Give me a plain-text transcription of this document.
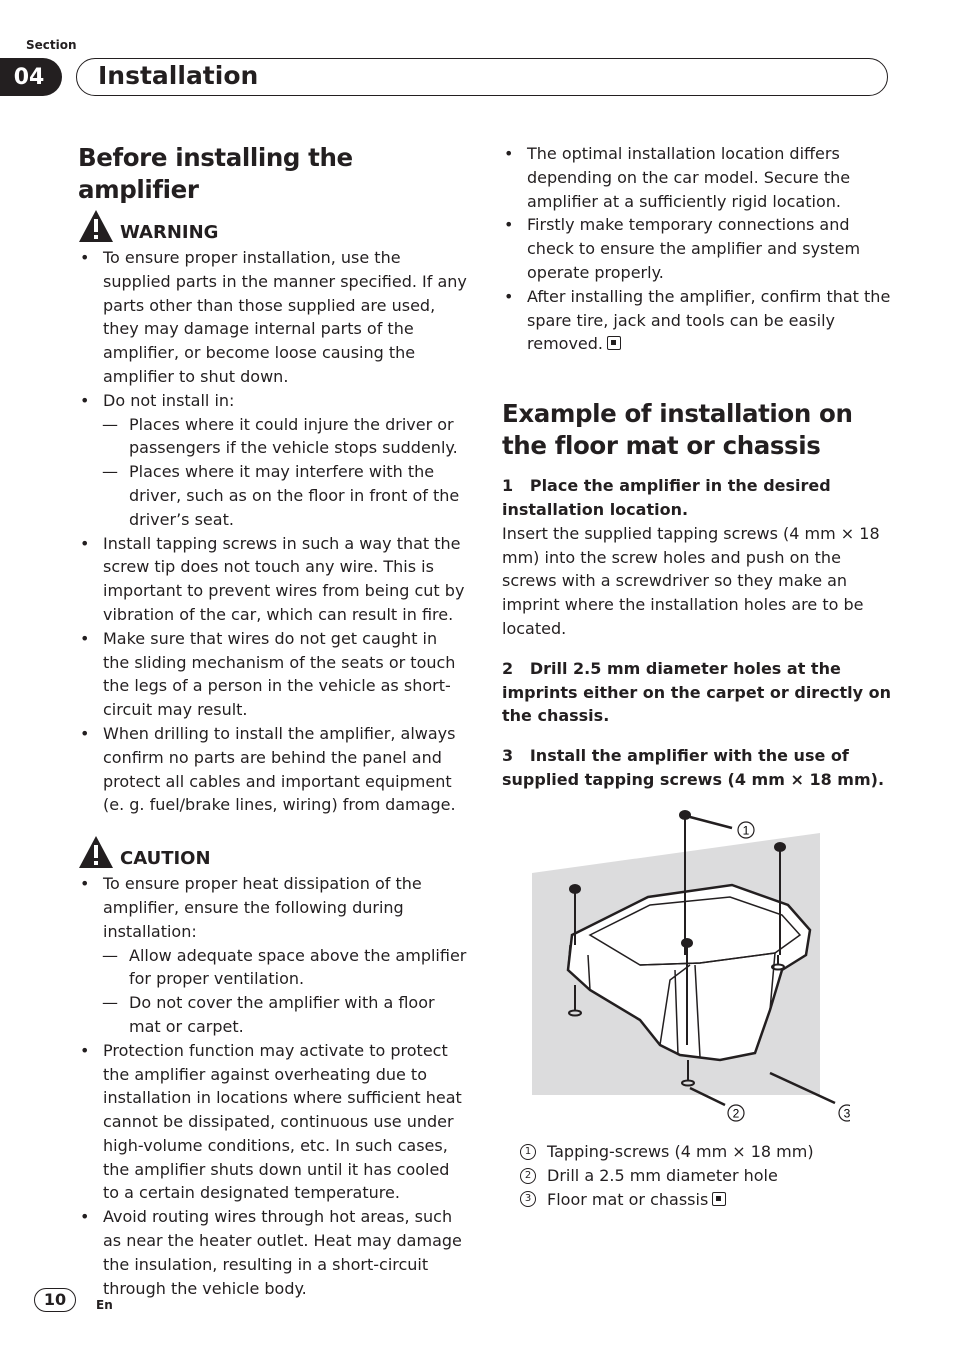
Section
04	Installation
Before installing the amplifier
WARNING
• To ensure proper installation, use the supplied parts in the manner specified. If any parts other than those supplied are used, they may damage internal parts of the amplifier, or become loose causing the amplifier to shut down.
• Do not install in:
— Places where it could injure the driver or passengers if the vehicle stops suddenly.
— Places where it may interfere with the driver, such as on the floor in front of the driver’s seat.
• Install tapping screws in such a way that the screw tip does not touch any wire. This is important to prevent wires from being cut by vibration of the car, which can result in fire.
• Make sure that wires do not get caught in the sliding mechanism of the seats or touch the legs of a person in the vehicle as short-circuit may result.
• When drilling to install the amplifier, always confirm no parts are behind the panel and protect all cables and important equipment (e. g. fuel/brake lines, wiring) from damage.
CAUTION
• To ensure proper heat dissipation of the amplifier, ensure the following during installation:
— Allow adequate space above the amplifier for proper ventilation.
— Do not cover the amplifier with a floor mat or carpet.
• Protection function may activate to protect the amplifier against overheating due to installation in locations where sufficient heat cannot be dissipated, continuous use under high-volume conditions, etc. In such cases, the amplifier shuts down until it has cooled to a certain designated temperature.
• Avoid routing wires through hot areas, such as near the heater outlet. Heat may damage the insulation, resulting in a short-circuit through the vehicle body.
• The optimal installation location differs depending on the car model. Secure the amplifier at a sufficiently rigid location.
• Firstly make temporary connections and check to ensure the amplifier and system operate properly.
• After installing the amplifier, confirm that the spare tire, jack and tools can be easily removed.
Example of installation on the floor mat or chassis
1   Place the amplifier in the desired installation location.
Insert the supplied tapping screws (4 mm × 18 mm) into the screw holes and push on the screws with a screwdriver so they make an imprint where the installation holes are to be located.
2   Drill 2.5 mm diameter holes at the imprints either on the carpet or directly on the chassis.
3   Install the amplifier with the use of supplied tapping screws (4 mm × 18 mm).
1
2	3
1 Tapping-screws (4 mm × 18 mm)
2 Drill a 2.5 mm diameter hole
3 Floor mat or chassis
10	En
